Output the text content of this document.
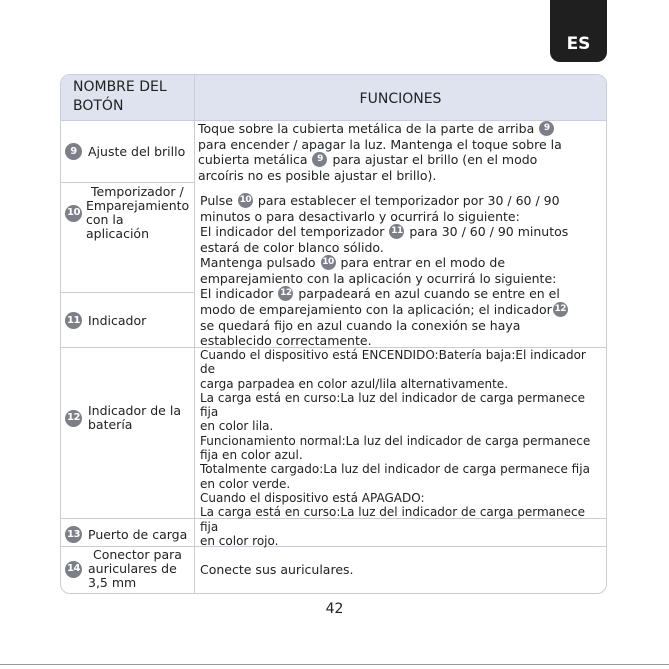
ES
NOMBRE DEL
BOTÓN	FUNCIONES
9 Ajuste del brillo
10
Temporizador /
Emparejamiento
con la
aplicación
11 Indicador
12 Indicador de la
batería
13 Puerto de carga
14
Conector para
auriculares de
3,5 mm
Toque sobre la cubierta metálica de la parte de arriba 9
para encender / apagar la luz. Mantenga el toque sobre la
cubierta metálica 9 para ajustar el brillo (en el modo
arcoíris no es posible ajustar el brillo).
Pulse 10 para establecer el temporizador por 30 / 60 / 90
minutos o para desactivarlo y ocurrirá lo siguiente:
El indicador del temporizador 11 para 30 / 60 / 90 minutos
estará de color blanco sólido.
Mantenga pulsado 10 para entrar en el modo de
emparejamiento con la aplicación y ocurrirá lo siguiente:
El indicador 12 parpadeará en azul cuando se entre en el
modo de emparejamiento con la aplicación; el indicador 12
se quedará fijo en azul cuando la conexión se haya
establecido correctamente.
Cuando el dispositivo está ENCENDIDO:Batería baja:El indicador de
carga parpadea en color azul/lila alternativamente.
La carga está en curso:La luz del indicador de carga permanece fija
en color lila.
Funcionamiento normal:La luz del indicador de carga permanece
fija en color azul.
Totalmente cargado:La luz del indicador de carga permanece fija
en color verde.
Cuando el dispositivo está APAGADO:
La carga está en curso:La luz del indicador de carga permanece fija
en color rojo.
Conecte sus auriculares.
42
